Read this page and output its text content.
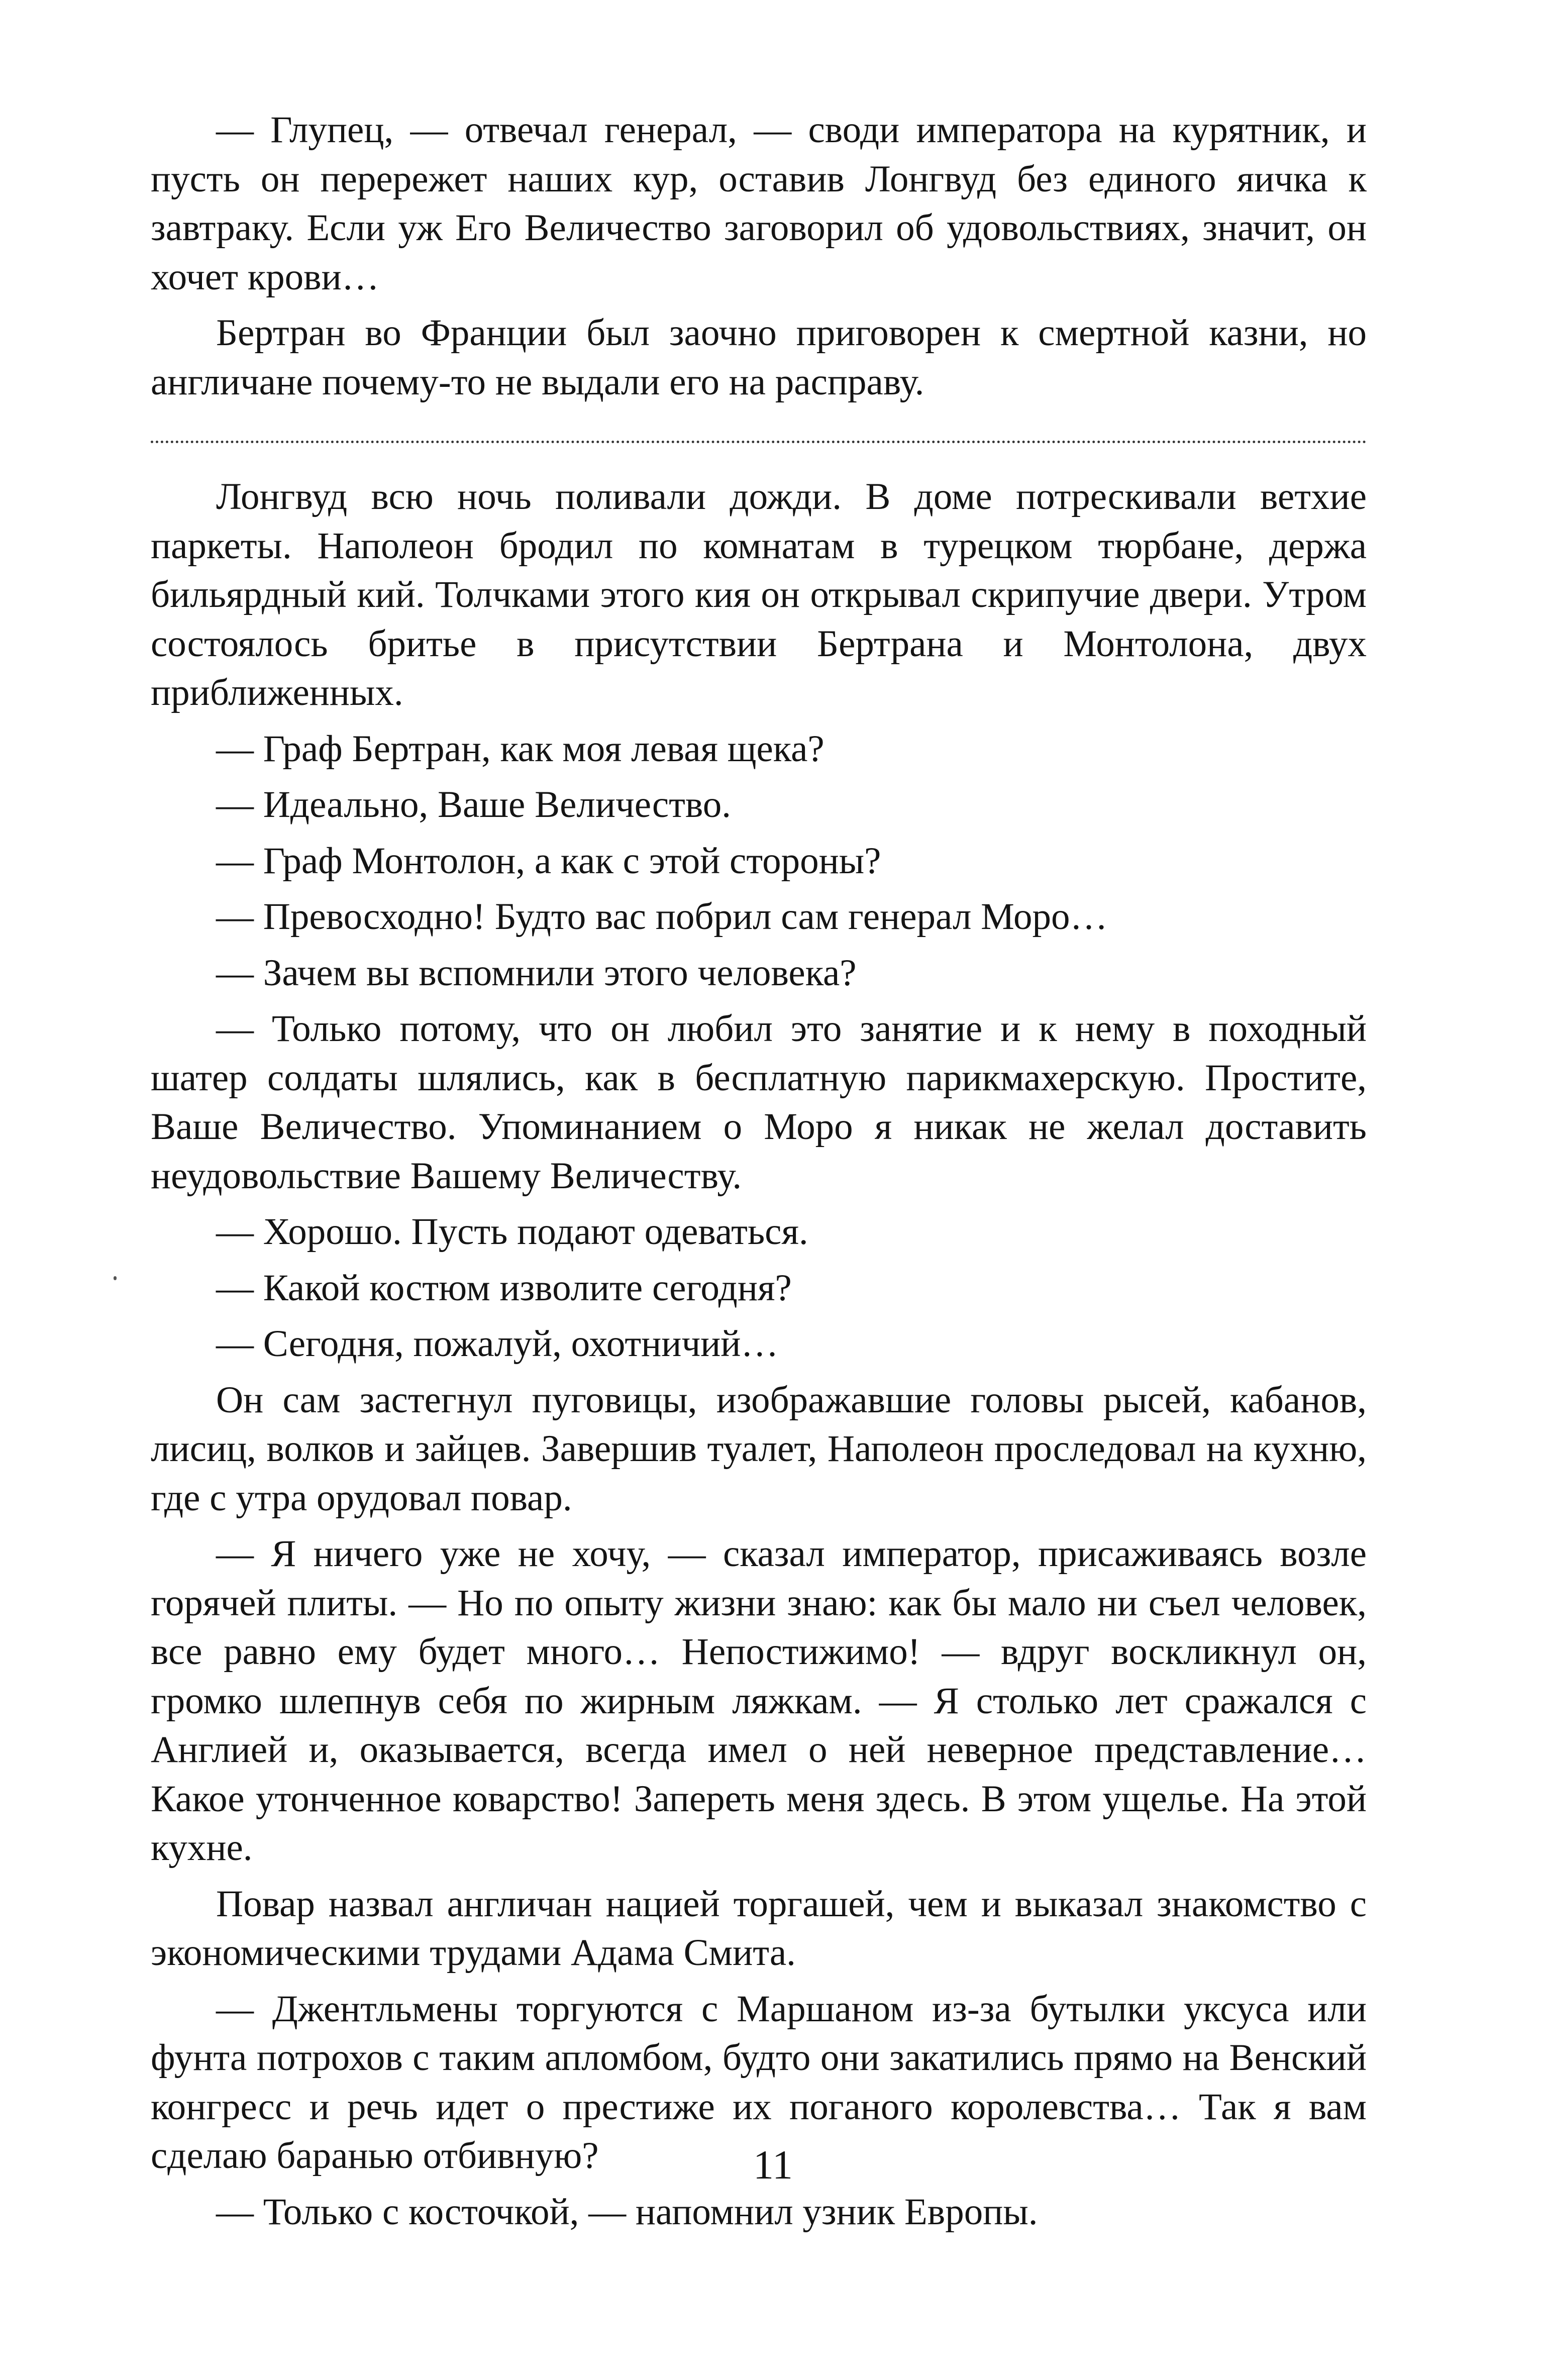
— Глупец, — отвечал генерал, — своди императора на курятник, и пусть он перережет наших кур, оставив Лонгвуд без единого яичка к завтраку. Если уж Его Величество заговорил об удовольствиях, значит, он хочет крови…

Бертран во Франции был заочно приговорен к смертной казни, но англичане почему-то не выдали его на расправу.

Лонгвуд всю ночь поливали дожди. В доме потрескивали ветхие паркеты. Наполеон бродил по комнатам в турецком тюрбане, держа бильярдный кий. Толчками этого кия он открывал скрипучие двери. Утром состоялось бритье в присутствии Бертрана и Монтолона, двух приближенных.

— Граф Бертран, как моя левая щека?

— Идеально, Ваше Величество.

— Граф Монтолон, а как с этой стороны?

— Превосходно! Будто вас побрил сам генерал Моро…

— Зачем вы вспомнили этого человека?

— Только потому, что он любил это занятие и к нему в походный шатер солдаты шлялись, как в бесплатную парикмахерскую. Простите, Ваше Величество. Упоминанием о Моро я никак не желал доставить неудовольствие Вашему Величеству.

— Хорошо. Пусть подают одеваться.

— Какой костюм изволите сегодня?

— Сегодня, пожалуй, охотничий…

Он сам застегнул пуговицы, изображавшие головы рысей, кабанов, лисиц, волков и зайцев. Завершив туалет, Наполеон проследовал на кухню, где с утра орудовал повар.

— Я ничего уже не хочу, — сказал император, присаживаясь возле горячей плиты. — Но по опыту жизни знаю: как бы мало ни съел человек, все равно ему будет много… Непостижимо! — вдруг воскликнул он, громко шлепнув себя по жирным ляжкам. — Я столько лет сражался с Англией и, оказывается, всегда имел о ней неверное представление… Какое утонченное коварство! Запереть меня здесь. В этом ущелье. На этой кухне.

Повар назвал англичан нацией торгашей, чем и выказал знакомство с экономическими трудами Адама Смита.

— Джентльмены торгуются с Маршаном из-за бутылки уксуса или фунта потрохов с таким апломбом, будто они закатились прямо на Венский конгресс и речь идет о престиже их поганого королевства… Так я вам сделаю баранью отбивную?

— Только с косточкой, — напомнил узник Европы.

11
